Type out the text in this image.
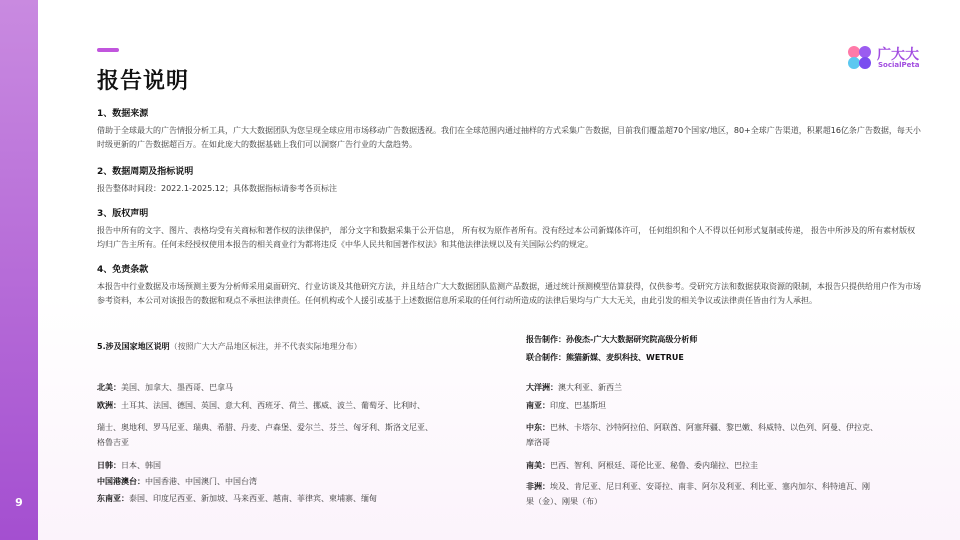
9
报告说明
广大大
SocialPeta

1、数据来源

借助于全球最大的广告情报分析工具，广大大数据团队为您呈现全球应用市场移动广告数据透视。我们在全球范围内通过抽样的方式采集广告数据，目前我们覆盖超70个国家/地区，80+全球广告渠道，积累超16亿条广告数据，每天小时级更新的广告数据超百万。在如此庞大的数据基础上我们可以洞察广告行业的大盘趋势。

2、数据周期及指标说明

报告整体时间段：2022.1-2025.12；具体数据指标请参考各页标注

3、版权声明

报告中所有的文字、图片、表格均受有关商标和著作权的法律保护， 部分文字和数据采集于公开信息， 所有权为原作者所有。没有经过本公司新媒体许可， 任何组织和个人不得以任何形式复制或传递， 报告中所涉及的所有素材版权均归广告主所有。任何未经授权使用本报告的相关商业行为都将违反《中华人民共和国著作权法》和其他法律法规以及有关国际公约的规定。

4、免责条款

本报告中行业数据及市场预测主要为分析师采用桌面研究、行业访谈及其他研究方法，并且结合广大大数据团队监测产品数据，通过统计预测模型估算获得，仅供参考。受研究方法和数据获取资源的限制，本报告只提供给用户作为市场参考资料，本公司对该报告的数据和观点不承担法律责任。任何机构或个人援引或基于上述数据信息所采取的任何行动所造成的法律后果均与广大大无关，由此引发的相关争议或法律责任皆由行为人承担。

5.涉及国家地区说明（按照广大大产品地区标注，并不代表实际地理分布）
报告制作：孙俊杰-广大大数据研究院高级分析师
联合制作：熊猫新媒、麦织科技、WETRUE
北美：美国、加拿大、墨西哥、巴拿马
欧洲：土耳其、法国、德国、英国、意大利、西班牙、荷兰、挪威、波兰、葡萄牙、比利时、
瑞士、奥地利、罗马尼亚、瑞典、希腊、丹麦、卢森堡、爱尔兰、芬兰、匈牙利、斯洛文尼亚、
格鲁吉亚
日韩：日本、韩国
中国港澳台：中国香港、中国澳门、中国台湾
东南亚：泰国、印度尼西亚、新加坡、马来西亚、越南、菲律宾、柬埔寨、缅甸
大洋洲：澳大利亚、新西兰
南亚：印度、巴基斯坦
中东：巴林、卡塔尔、沙特阿拉伯、阿联酋、阿塞拜疆、黎巴嫩、科威特、以色列、阿曼、伊拉克、
摩洛哥
南美：巴西、智利、阿根廷、哥伦比亚、秘鲁、委内瑞拉、巴拉圭
非洲：埃及、肯尼亚、尼日利亚、安哥拉、南非、阿尔及利亚、利比亚、塞内加尔、科特迪瓦、刚
果（金）、刚果（布）
